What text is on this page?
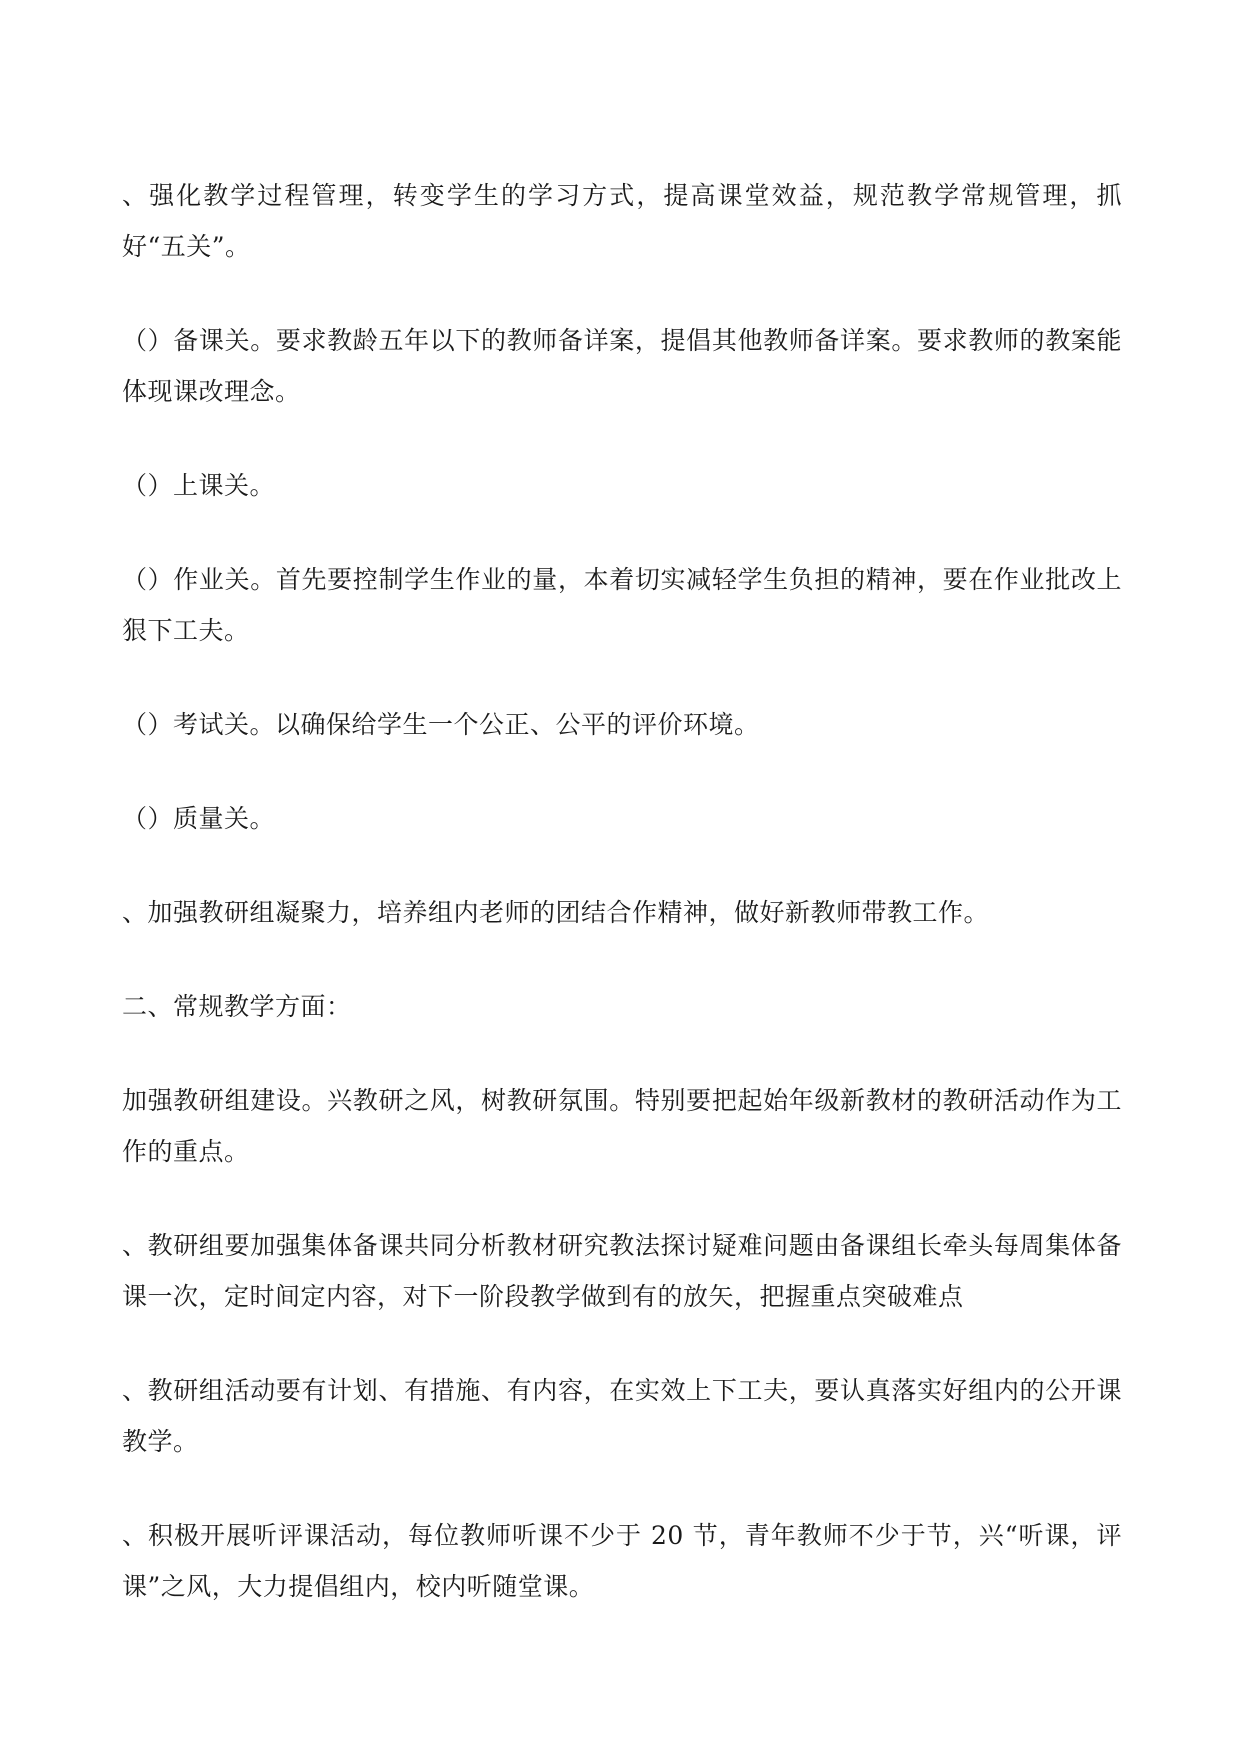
、强化教学过程管理，转变学生的学习方式，提高课堂效益，规范教学常规管理，抓好“五关”。

（）备课关。要求教龄五年以下的教师备详案，提倡其他教师备详案。要求教师的教案能体现课改理念。

（）上课关。

（）作业关。首先要控制学生作业的量，本着切实减轻学生负担的精神，要在作业批改上狠下工夫。

（）考试关。以确保给学生一个公正、公平的评价环境。

（）质量关。

、加强教研组凝聚力，培养组内老师的团结合作精神，做好新教师带教工作。

二、常规教学方面：

加强教研组建设。兴教研之风，树教研氛围。特别要把起始年级新教材的教研活动作为工作的重点。

、教研组要加强集体备课共同分析教材研究教法探讨疑难问题由备课组长牵头每周集体备课一次，定时间定内容，对下一阶段教学做到有的放矢，把握重点突破难点

、教研组活动要有计划、有措施、有内容，在实效上下工夫，要认真落实好组内的公开课教学。

、积极开展听评课活动，每位教师听课不少于 20 节，青年教师不少于节，兴“听课，评课”之风，大力提倡组内，校内听随堂课。
